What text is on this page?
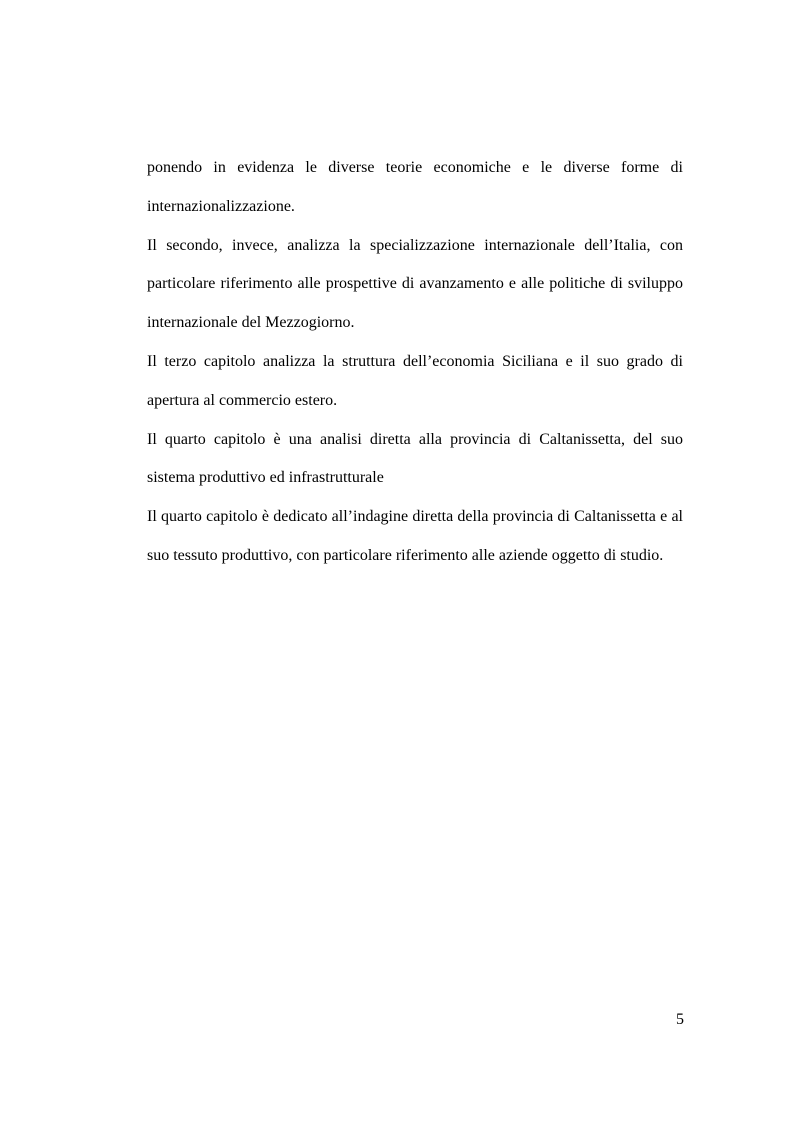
ponendo in evidenza le diverse teorie economiche e le diverse forme di internazionalizzazione.

Il secondo, invece, analizza la specializzazione internazionale dell’Italia, con particolare riferimento alle prospettive di avanzamento e alle politiche di sviluppo internazionale del Mezzogiorno.

Il terzo capitolo analizza la struttura dell’economia Siciliana e il suo grado di apertura al commercio estero.

Il quarto capitolo è una analisi diretta alla provincia di Caltanissetta, del suo sistema produttivo ed infrastrutturale

Il quarto capitolo è dedicato all’indagine diretta della provincia di Caltanissetta e al suo tessuto produttivo, con particolare riferimento alle aziende oggetto di studio.

5
